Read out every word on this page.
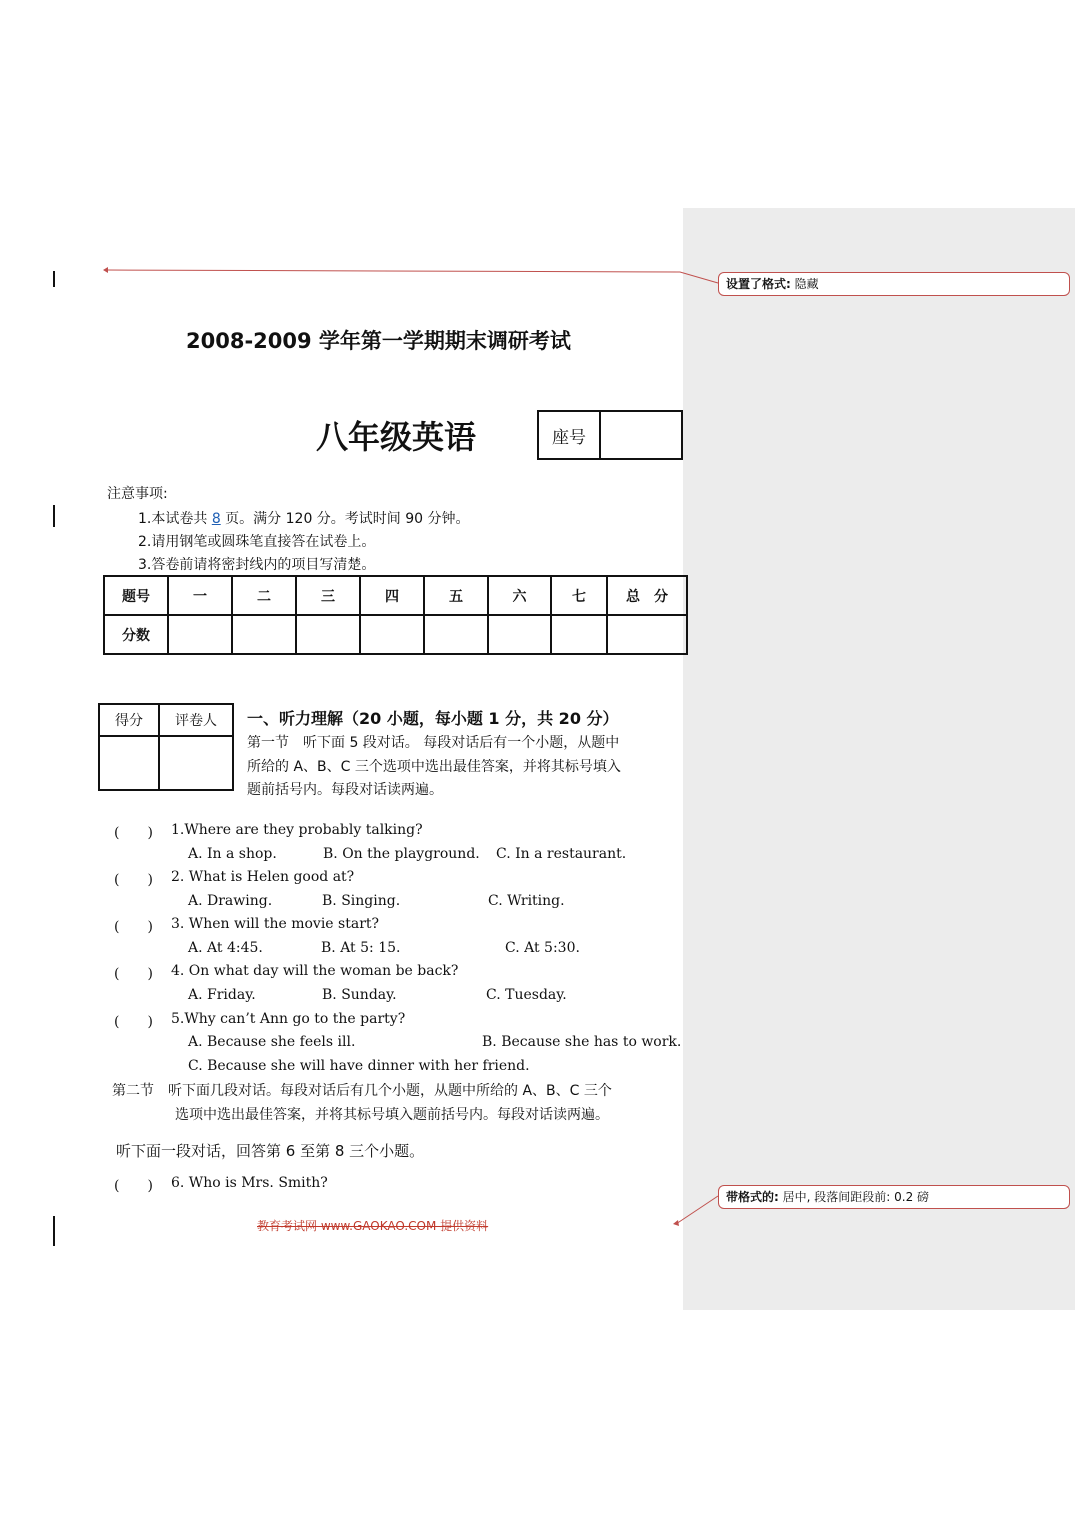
设置了格式: 隐藏
带格式的: 居中, 段落间距段前: 0.2 磅
2008-2009 学年第一学期期末调研考试
八年级英语	座号	
注意事项:
1.本试卷共 8 页。满分 120 分。考试时间 90 分钟。
2.请用钢笔或圆珠笔直接答在试卷上。
3.答卷前请将密封线内的项目写清楚。
题号	一	二	三	四	五	六	七	总　分
分数								
得分	评卷人
	一、听力理解（20 小题，每小题 1 分，共 20 分）
第一节　听下面 5 段对话。 每段对话后有一个小题，从题中
所给的 A、B、C 三个选项中选出最佳答案，并将其标号填入
题前括号内。每段对话读两遍。
(　　) 1.Where are they probably talking?
A. In a shop.	B. On the playground. C. In a restaurant.
(　　) 2. What is Helen good at?
A. Drawing.	B. Singing.	C. Writing.
(　　) 3. When will the movie start?
A. At 4:45.	B. At 5: 15.	C. At 5:30.
(　　) 4. On what day will the woman be back?
A. Friday.	B. Sunday.	C. Tuesday.
(　　) 5.Why can’t Ann go to the party?
A. Because she feels ill.	B. Because she has to work.
C. Because she will have dinner with her friend.
第二节　听下面几段对话。每段对话后有几个小题，从题中所给的 A、B、C 三个
选项中选出最佳答案，并将其标号填入题前括号内。每段对话读两遍。
听下面一段对话，回答第 6 至第 8 三个小题。
(　　) 6. Who is Mrs. Smith?
教育考试网 www.GAOKAO.COM 提供资料
